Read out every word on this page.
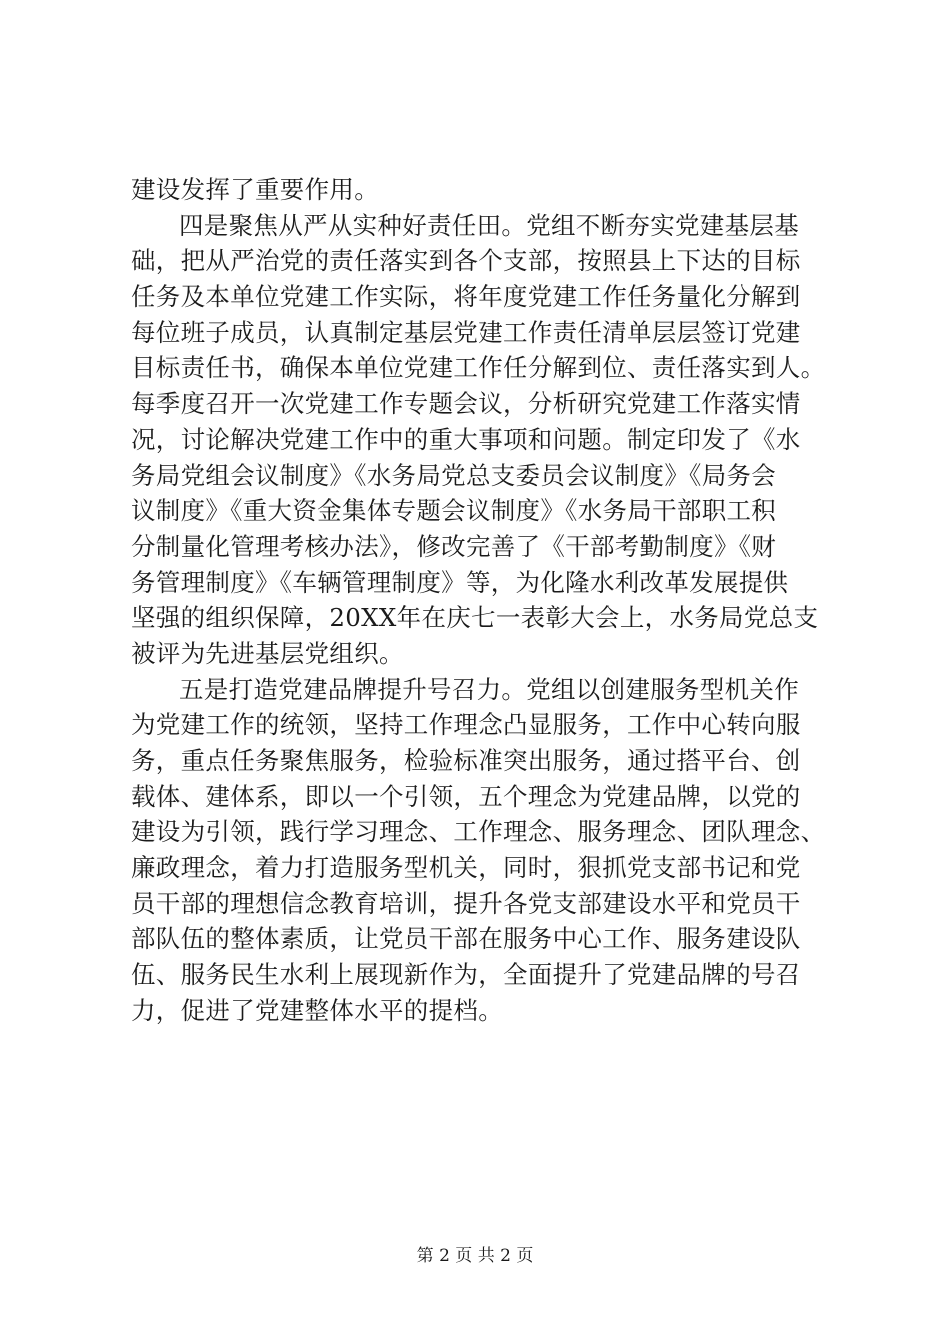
建设发挥了重要作用。
四是聚焦从严从实种好责任田。党组不断夯实党建基层基
础，把从严治党的责任落实到各个支部，按照县上下达的目标
任务及本单位党建工作实际，将年度党建工作任务量化分解到
每位班子成员，认真制定基层党建工作责任清单层层签订党建
目标责任书，确保本单位党建工作任分解到位、责任落实到人。
每季度召开一次党建工作专题会议，分析研究党建工作落实情
况，讨论解决党建工作中的重大事项和问题。制定印发了《水
务局党组会议制度》《水务局党总支委员会议制度》《局务会
议制度》《重大资金集体专题会议制度》《水务局干部职工积
分制量化管理考核办法》，修改完善了《干部考勤制度》《财
务管理制度》《车辆管理制度》等，为化隆水利改革发展提供
坚强的组织保障，20XX年在庆七一表彰大会上，水务局党总支
被评为先进基层党组织。
五是打造党建品牌提升号召力。党组以创建服务型机关作
为党建工作的统领，坚持工作理念凸显服务，工作中心转向服
务，重点任务聚焦服务，检验标准突出服务，通过搭平台、创
载体、建体系，即以一个引领，五个理念为党建品牌，以党的
建设为引领，践行学习理念、工作理念、服务理念、团队理念、
廉政理念，着力打造服务型机关，同时，狠抓党支部书记和党
员干部的理想信念教育培训，提升各党支部建设水平和党员干
部队伍的整体素质，让党员干部在服务中心工作、服务建设队
伍、服务民生水利上展现新作为，全面提升了党建品牌的号召
力，促进了党建整体水平的提档。
第 2 页 共 2 页
